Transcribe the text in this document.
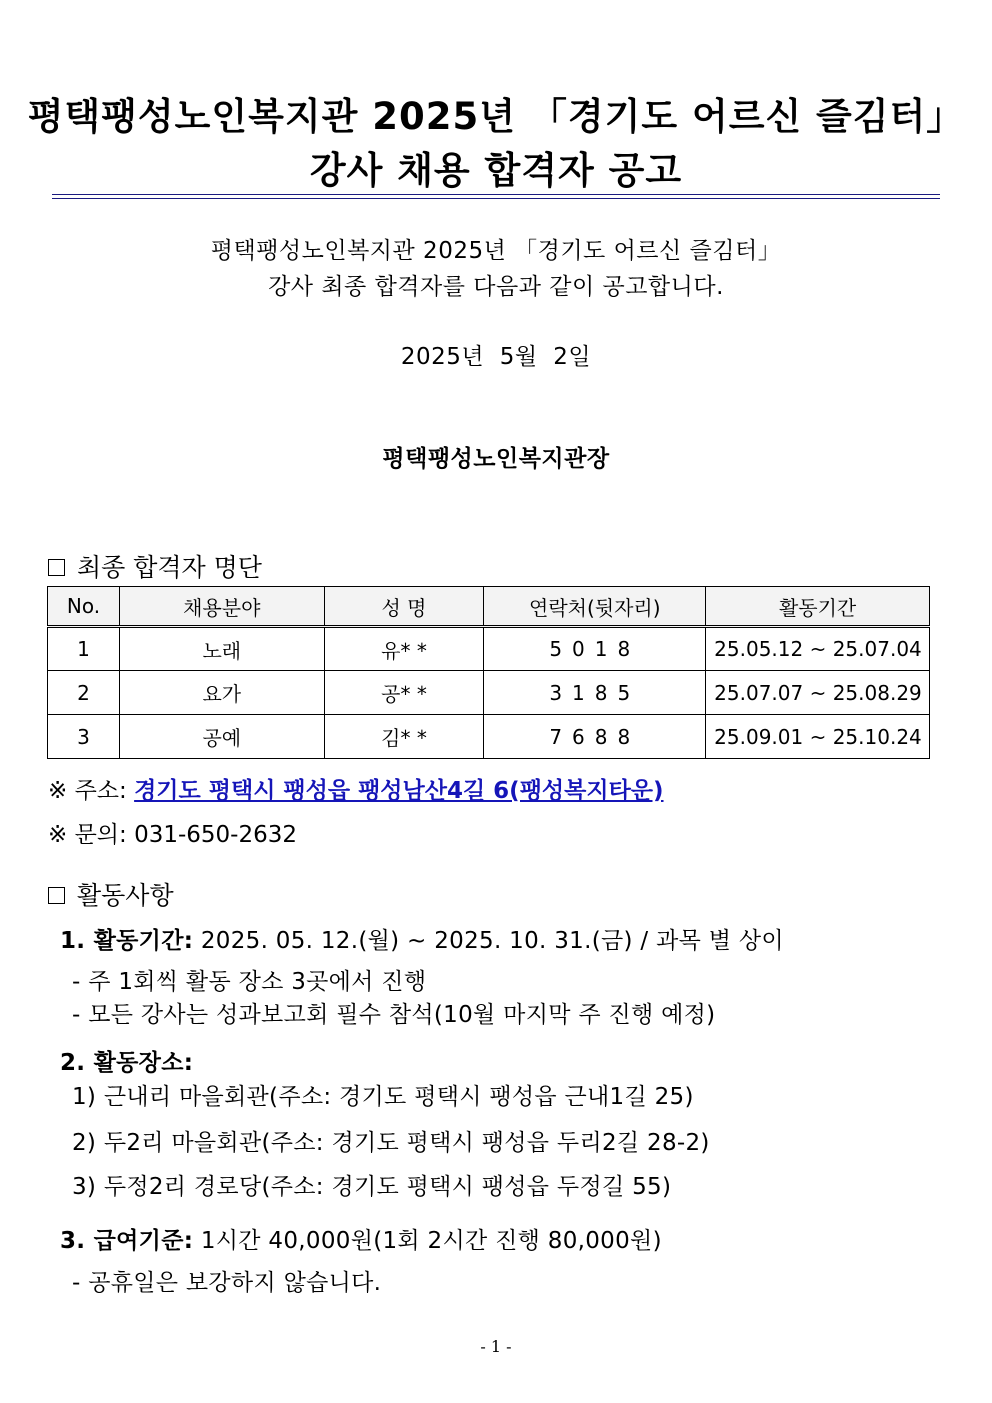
평택팽성노인복지관 2025년 「경기도 어르신 즐김터」
강사 채용 합격자 공고
평택팽성노인복지관 2025년 「경기도 어르신 즐김터」
강사 최종 합격자를 다음과 같이 공고합니다.
2025년  5월  2일
평택팽성노인복지관장
최종 합격자 명단
No.	채용분야	성 명	연락처(뒷자리)	활동기간
1	노래	유* *	5018	25.05.12 ~ 25.07.04
2	요가	공* *	3185	25.07.07 ~ 25.08.29
3	공예	김* *	7688	25.09.01 ~ 25.10.24
※ 주소: 경기도 평택시 팽성읍 팽성남산4길 6(팽성복지타운)
※ 문의: 031-650-2632
활동사항
1. 활동기간: 2025. 05. 12.(월) ~ 2025. 10. 31.(금) / 과목 별 상이
- 주 1회씩 활동 장소 3곳에서 진행
- 모든 강사는 성과보고회 필수 참석(10월 마지막 주 진행 예정)
2. 활동장소:
1) 근내리 마을회관(주소: 경기도 평택시 팽성읍 근내1길 25)
2) 두2리 마을회관(주소: 경기도 평택시 팽성읍 두리2길 28-2)
3) 두정2리 경로당(주소: 경기도 평택시 팽성읍 두정길 55)
3. 급여기준: 1시간 40,000원(1회 2시간 진행 80,000원)
- 공휴일은 보강하지 않습니다.
- 1 -
